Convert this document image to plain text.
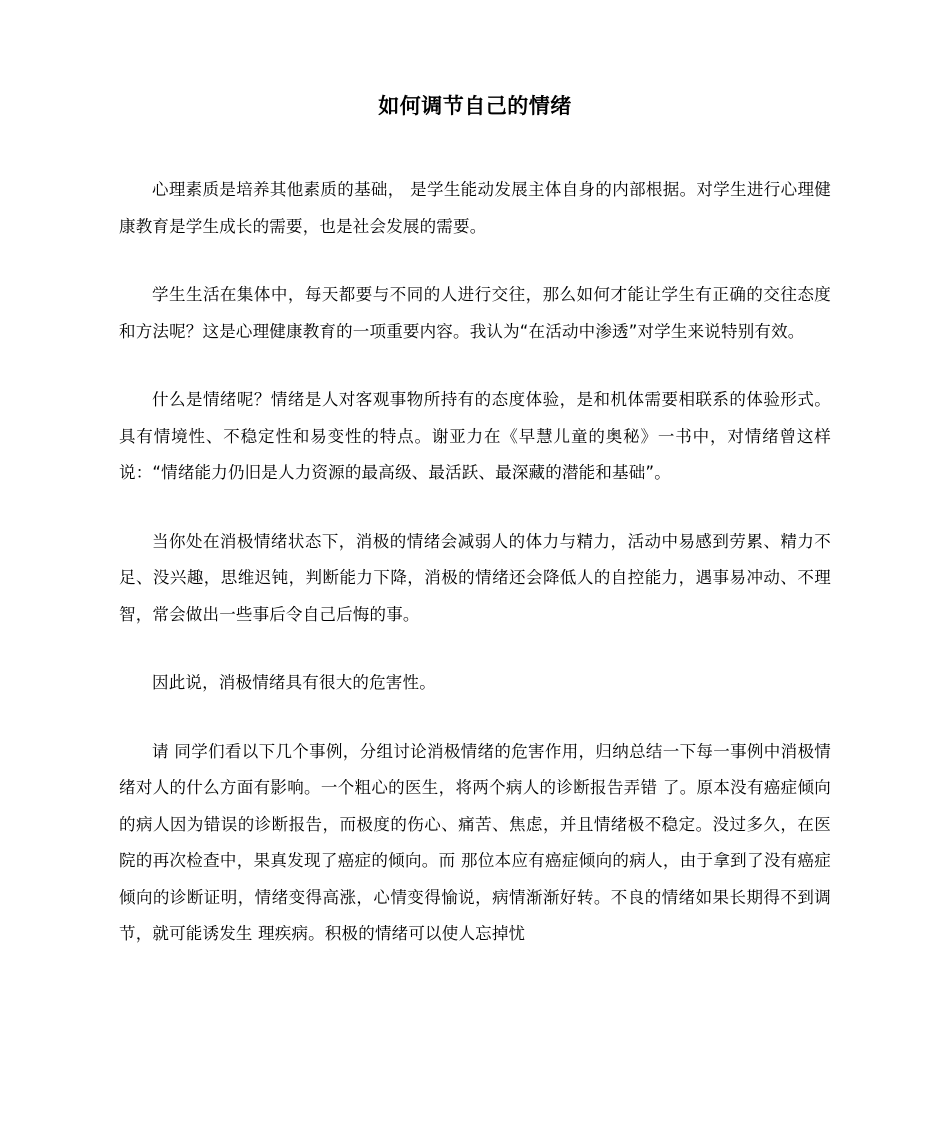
如何调节自己的情绪

心理素质是培养其他素质的基础， 是学生能动发展主体自身的内部根据。对学生进行心理健康教育是学生成长的需要，也是社会发展的需要。

学生生活在集体中，每天都要与不同的人进行交往，那么如何才能让学生有正确的交往态度和方法呢？这是心理健康教育的一项重要内容。我认为“在活动中渗透”对学生来说特别有效。

什么是情绪呢？情绪是人对客观事物所持有的态度体验，是和机体需要相联系的体验形式。具有情境性、不稳定性和易变性的特点。谢亚力在《早慧儿童的奥秘》一书中，对情绪曾这样说：“情绪能力仍旧是人力资源的最高级、最活跃、最深藏的潜能和基础”。

当你处在消极情绪状态下，消极的情绪会减弱人的体力与精力，活动中易感到劳累、精力不足、没兴趣，思维迟钝，判断能力下降，消极的情绪还会降低人的自控能力，遇事易冲动、不理智，常会做出一些事后令自己后悔的事。

因此说，消极情绪具有很大的危害性。

请 同学们看以下几个事例，分组讨论消极情绪的危害作用，归纳总结一下每一事例中消极情绪对人的什么方面有影响。一个粗心的医生，将两个病人的诊断报告弄错 了。原本没有癌症倾向的病人因为错误的诊断报告，而极度的伤心、痛苦、焦虑，并且情绪极不稳定。没过多久，在医院的再次检查中，果真发现了癌症的倾向。而 那位本应有癌症倾向的病人，由于拿到了没有癌症倾向的诊断证明，情绪变得高涨，心情变得愉说，病情渐渐好转。不良的情绪如果长期得不到调节，就可能诱发生 理疾病。积极的情绪可以使人忘掉忧
